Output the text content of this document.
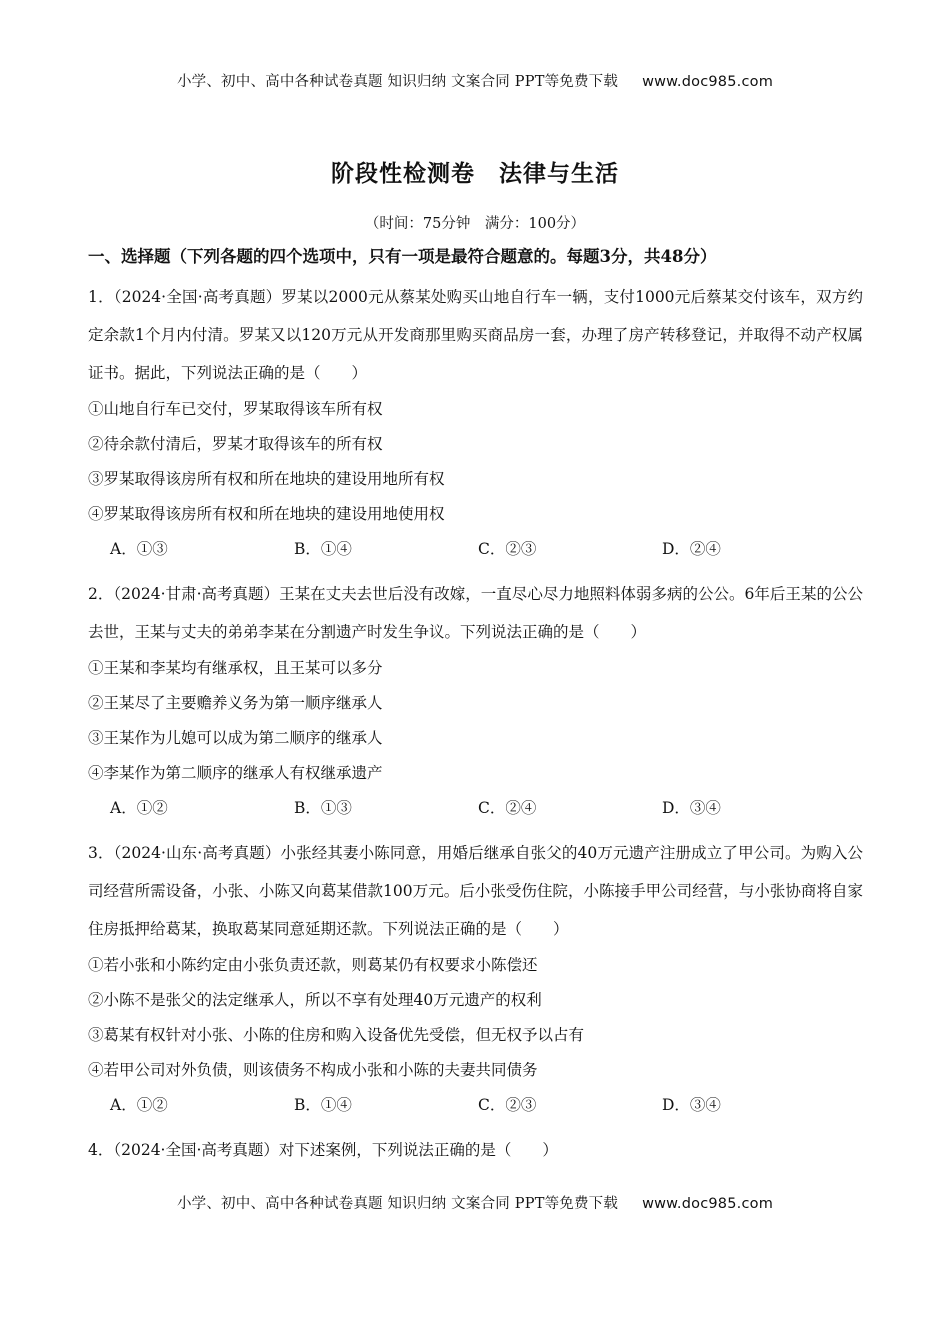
小学、初中、高中各种试卷真题 知识归纳 文案合同 PPT等免费下载 www.doc985.com
阶段性检测卷　法律与生活
（时间：75分钟　满分：100分）
一、选择题（下列各题的四个选项中，只有一项是最符合题意的。每题3分，共48分）
1．（2024·全国·高考真题）罗某以2000元从蔡某处购买山地自行车一辆，支付1000元后蔡某交付该车，双方约定余款1个月内付清。罗某又以120万元从开发商那里购买商品房一套，办理了房产转移登记，并取得不动产权属证书。据此，下列说法正确的是（　　）
①山地自行车已交付，罗某取得该车所有权
②待余款付清后，罗某才取得该车的所有权
③罗某取得该房所有权和所在地块的建设用地所有权
④罗某取得该房所有权和所在地块的建设用地使用权
A．①③	B．①④	C．②③	D．②④
2．（2024·甘肃·高考真题）王某在丈夫去世后没有改嫁，一直尽心尽力地照料体弱多病的公公。6年后王某的公公去世，王某与丈夫的弟弟李某在分割遗产时发生争议。下列说法正确的是（　　）
①王某和李某均有继承权，且王某可以多分
②王某尽了主要赡养义务为第一顺序继承人
③王某作为儿媳可以成为第二顺序的继承人
④李某作为第二顺序的继承人有权继承遗产
A．①②	B．①③	C．②④	D．③④
3．（2024·山东·高考真题）小张经其妻小陈同意，用婚后继承自张父的40万元遗产注册成立了甲公司。为购入公司经营所需设备，小张、小陈又向葛某借款100万元。后小张受伤住院，小陈接手甲公司经营，与小张协商将自家住房抵押给葛某，换取葛某同意延期还款。下列说法正确的是（　　）
①若小张和小陈约定由小张负责还款，则葛某仍有权要求小陈偿还
②小陈不是张父的法定继承人，所以不享有处理40万元遗产的权利
③葛某有权针对小张、小陈的住房和购入设备优先受偿，但无权予以占有
④若甲公司对外负债，则该债务不构成小张和小陈的夫妻共同债务
A．①②	B．①④	C．②③	D．③④
4．（2024·全国·高考真题）对下述案例，下列说法正确的是（　　）
小学、初中、高中各种试卷真题 知识归纳 文案合同 PPT等免费下载 www.doc985.com
